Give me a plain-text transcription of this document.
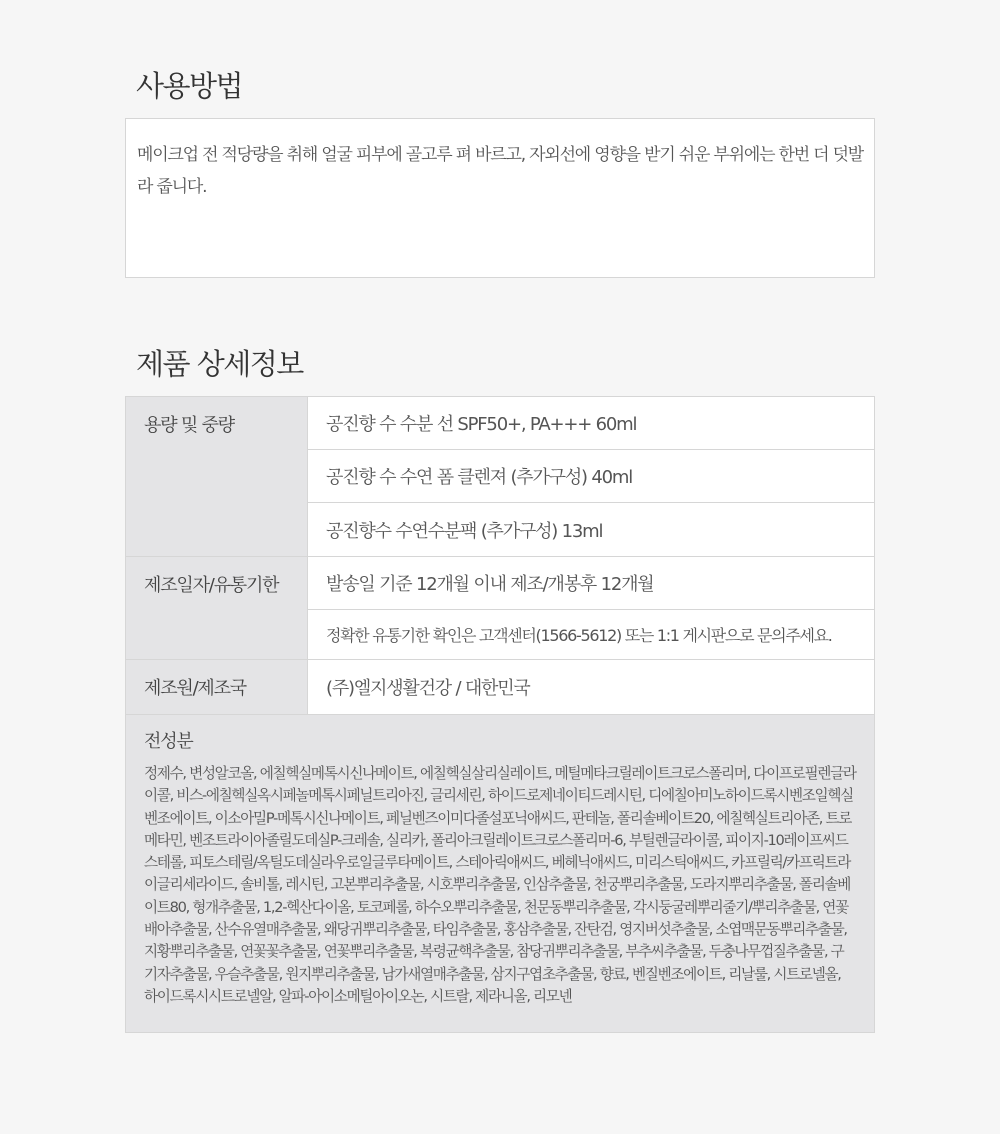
사용방법

메이크업 전 적당량을 취해 얼굴 피부에 골고루 펴 바르고, 자외선에 영향을 받기 쉬운 부위에는 한번 더 덧발라 줍니다.

제품 상세정보
용량 및 중량	공진향 수 수분 선 SPF50+, PA+++ 60ml
공진향 수 수연 폼 클렌져 (추가구성) 40ml
공진향수 수연수분팩 (추가구성) 13ml
제조일자/유통기한	발송일 기준 12개월 이내 제조/개봉후 12개월
정확한 유통기한 확인은 고객센터(1566-5612) 또는 1:1 게시판으로 문의주세요.
제조원/제조국	(주)엘지생활건강 / 대한민국
전성분

정제수, 변성알코올, 에칠헥실메톡시신나메이트, 에칠헥실살리실레이트, 메틸메타크릴레이트크로스폴리머, 다이프로필렌글라이콜, 비스-에칠헥실옥시페놀메톡시페닐트리아진, 글리세린, 하이드로제네이티드레시틴, 디에칠아미노하이드록시벤조일헥실벤조에이트, 이소아밀P-메톡시신나메이트, 페닐벤즈이미다졸설포닉애씨드, 판테놀, 폴리솔베이트20, 에칠헥실트리아존, 트로메타민, 벤조트라이아졸릴도데실P-크레솔, 실리카, 폴리아크릴레이트크로스폴리머-6, 부틸렌글라이콜, 피이지-10레이프씨드스테롤, 피토스테릴/옥틸도데실라우로일글루타메이트, 스테아릭애씨드, 베헤닉애씨드, 미리스틱애씨드, 카프릴릭/카프릭트라이글리세라이드, 솔비톨, 레시틴, 고본뿌리추출물, 시호뿌리추출물, 인삼추출물, 천궁뿌리추출물, 도라지뿌리추출물, 폴리솔베이트80, 형개추출물, 1,2-헥산다이올, 토코페롤, 하수오뿌리추출물, 천문동뿌리추출물, 각시둥굴레뿌리줄기/뿌리추출물, 연꽃배아추출물, 산수유열매추출물, 왜당귀뿌리추출물, 타임추출물, 홍삼추출물, 잔탄검, 영지버섯추출물, 소엽맥문동뿌리추출물, 지황뿌리추출물, 연꽃꽃추출물, 연꽃뿌리추출물, 복령균핵추출물, 참당귀뿌리추출물, 부추씨추출물, 두충나무껍질추출물, 구기자추출물, 우슬추출물, 원지뿌리추출물, 남가새열매추출물, 삼지구엽초추출물, 향료, 벤질벤조에이트, 리날룰, 시트로넬올, 하이드록시시트로넬알, 알파-아이소메틸아이오논, 시트랄, 제라니올, 리모넨
